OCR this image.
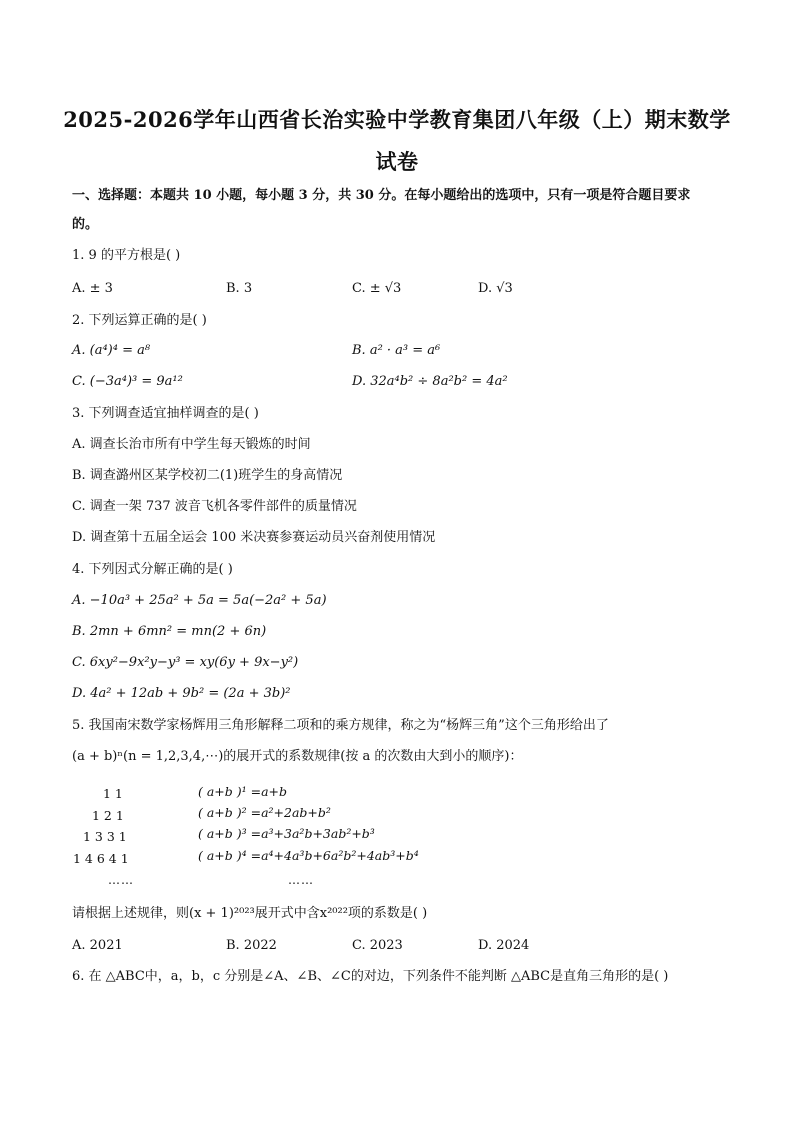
2025-2026学年山西省长治实验中学教育集团八年级（上）期末数学
试卷
一、选择题：本题共 10 小题，每小题 3 分，共 30 分。在每小题给出的选项中，只有一项是符合题目要求
的。
1. 9 的平方根是( )
A. ± 3	B. 3	C. ± √3	D. √3
2. 下列运算正确的是( )
A. (a⁴)⁴ = a⁸	B. a² · a³ = a⁶
C. (−3a⁴)³ = 9a¹²	D. 32a⁴b² ÷ 8a²b² = 4a²
3. 下列调查适宜抽样调查的是( )
A. 调查长治市所有中学生每天锻炼的时间
B. 调查潞州区某学校初二(1)班学生的身高情况
C. 调查一架 737 波音飞机各零件部件的质量情况
D. 调查第十五届全运会 100 米决赛参赛运动员兴奋剂使用情况
4. 下列因式分解正确的是( )
A. −10a³ + 25a² + 5a = 5a(−2a² + 5a)
B. 2mn + 6mn² = mn(2 + 6n)
C. 6xy²−9x²y−y³ = xy(6y + 9x−y²)
D. 4a² + 12ab + 9b² = (2a + 3b)²
5. 我国南宋数学家杨辉用三角形解释二项和的乘方规律，称之为“杨辉三角”这个三角形给出了
(a + b)ⁿ(n = 1,2,3,4,⋯)的展开式的系数规律(按 a 的次数由大到小的顺序)：
1 1
1 2 1
1 3 3 1
1 4 6 4 1
……
( a+b )¹ =a+b
( a+b )² =a²+2ab+b²
( a+b )³ =a³+3a²b+3ab²+b³
( a+b )⁴ =a⁴+4a³b+6a²b²+4ab³+b⁴
……
请根据上述规律，则(x + 1)²⁰²³展开式中含x²⁰²²项的系数是( )
A. 2021	B. 2022	C. 2023	D. 2024
6. 在 △ABC中，a，b，c 分别是∠A、∠B、∠C的对边，下列条件不能判断 △ABC是直角三角形的是( )
